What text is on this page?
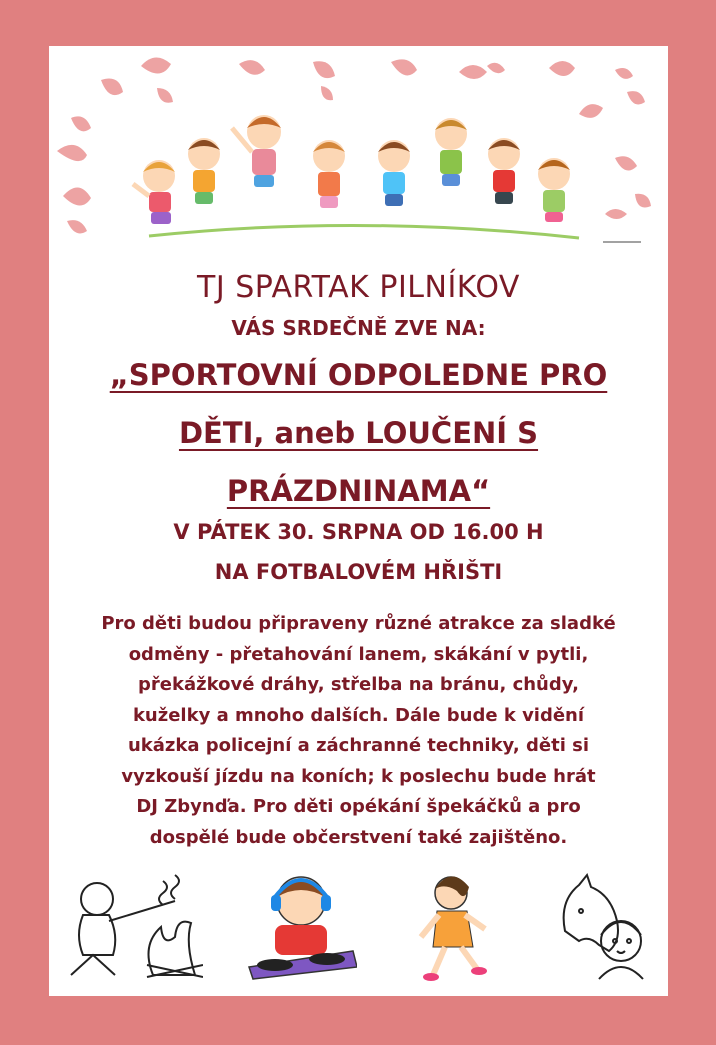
TJ SPARTAK PILNÍKOV
VÁS SRDEČNĚ ZVE NA:
„SPORTOVNÍ ODPOLEDNE PRO
DĚTI, aneb LOUČENÍ S
PRÁZDNINAMA“
V PÁTEK 30. SRPNA OD 16.00 H
NA FOTBALOVÉM HŘIŠTI
Pro děti budou připraveny různé atrakce za sladké
odměny - přetahování lanem, skákání v pytli,
překážkové dráhy, střelba na bránu, chůdy,
kuželky a mnoho dalších. Dále bude k vidění
ukázka policejní a záchranné techniky, děti si
vyzkouší jízdu na koních; k poslechu bude hrát
DJ Zbynďa. Pro děti opékání špekáčků a pro
dospělé bude občerstvení také zajištěno.
